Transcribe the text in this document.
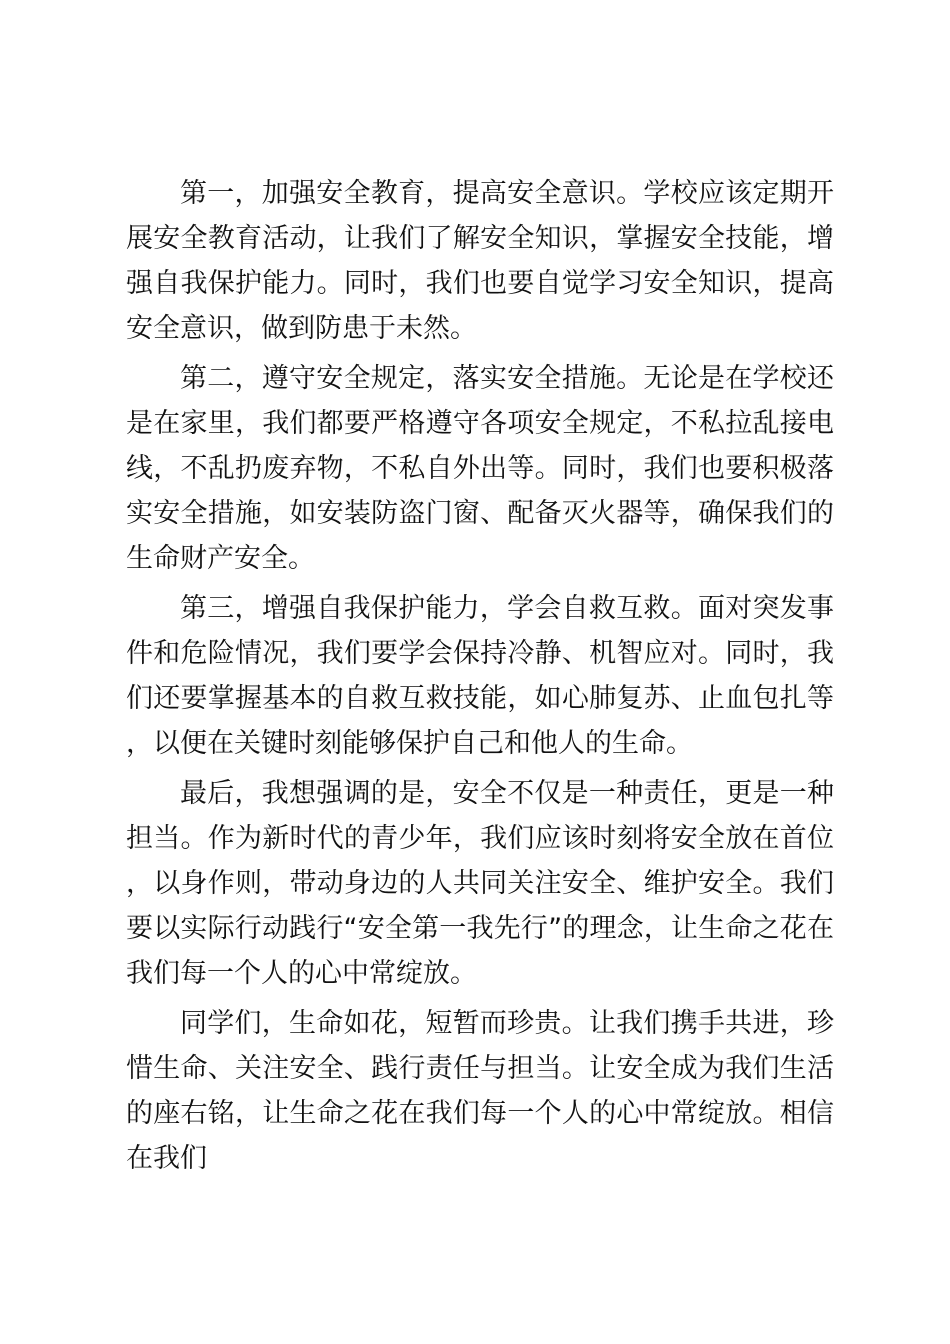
第一，加强安全教育，提高安全意识。学校应该定期开展安全教育活动，让我们了解安全知识，掌握安全技能，增强自我保护能力。同时，我们也要自觉学习安全知识，提高安全意识，做到防患于未然。

第二，遵守安全规定，落实安全措施。无论是在学校还是在家里，我们都要严格遵守各项安全规定，不私拉乱接电线，不乱扔废弃物，不私自外出等。同时，我们也要积极落实安全措施，如安装防盗门窗、配备灭火器等，确保我们的生命财产安全。

第三，增强自我保护能力，学会自救互救。面对突发事件和危险情况，我们要学会保持冷静、机智应对。同时，我们还要掌握基本的自救互救技能，如心肺复苏、止血包扎等，以便在关键时刻能够保护自己和他人的生命。

最后，我想强调的是，安全不仅是一种责任，更是一种担当。作为新时代的青少年，我们应该时刻将安全放在首位，以身作则，带动身边的人共同关注安全、维护安全。我们要以实际行动践行“安全第一我先行”的理念，让生命之花在我们每一个人的心中常绽放。

同学们，生命如花，短暂而珍贵。让我们携手共进，珍惜生命、关注安全、践行责任与担当。让安全成为我们生活的座右铭，让生命之花在我们每一个人的心中常绽放。相信在我们
